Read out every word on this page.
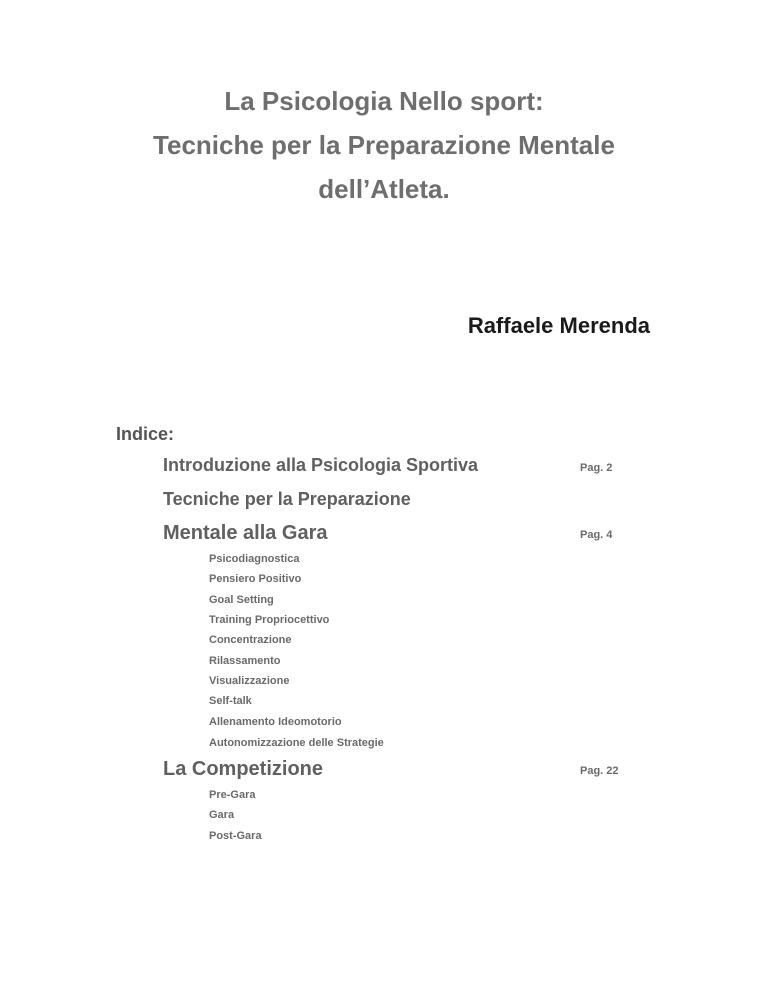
La Psicologia Nello sport:
Tecniche per la Preparazione Mentale
dell’Atleta.

Raffaele Merenda

Indice:

Introduzione alla Psicologia Sportiva	Pag. 2
Tecniche per la Preparazione
Mentale alla Gara	Pag. 4
Psicodiagnostica
Pensiero Positivo
Goal Setting
Training Propriocettivo
Concentrazione
Rilassamento
Visualizzazione
Self-talk
Allenamento Ideomotorio
Autonomizzazione delle Strategie
La Competizione	Pag. 22
Pre-Gara
Gara
Post-Gara
